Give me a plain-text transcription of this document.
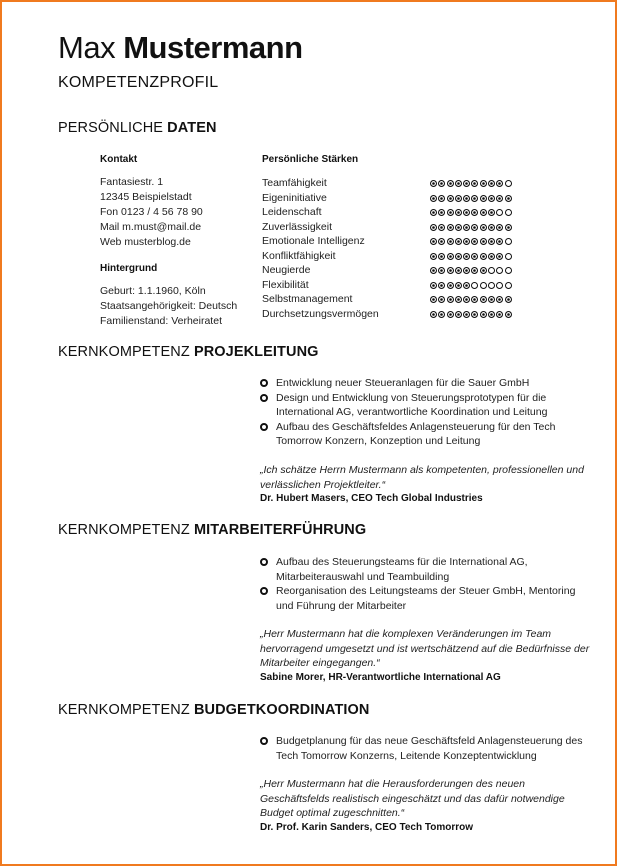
Max Mustermann
KOMPETENZPROFIL
PERSÖNLICHE DATEN
Kontakt
Fantasiestr. 1
12345 Beispielstadt
Fon 0123 / 4 56 78 90
Mail m.must@mail.de
Web musterblog.de
Hintergrund
Geburt: 1.1.1960, Köln
Staatsangehörigkeit: Deutsch
Familienstand: Verheiratet
Persönliche Stärken
Teamfähigkeit
Eigeninitiative
Leidenschaft
Zuverlässigkeit
Emotionale Intelligenz
Konfliktfähigkeit
Neugierde
Flexibilität
Selbstmanagement
Durchsetzungsvermögen
KERNKOMPETENZ PROJEKLEITUNG
Entwicklung neuer Steueranlagen für die Sauer GmbH
Design und Entwicklung von Steuerungsprototypen für die International AG, verantwortliche Koordination und Leitung
Aufbau des Geschäftsfeldes Anlagensteuerung für den Tech Tomorrow Konzern, Konzeption und Leitung
„Ich schätze Herrn Mustermann als kompetenten, professionellen und verlässlichen Projektleiter.“
Dr. Hubert Masers, CEO Tech Global Industries
KERNKOMPETENZ MITARBEITERFÜHRUNG
Aufbau des Steuerungsteams für die International AG, Mitarbeiterauswahl und Teambuilding
Reorganisation des Leitungsteams der Steuer GmbH, Mentoring und Führung der Mitarbeiter
„Herr Mustermann hat die komplexen Veränderungen im Team hervorragend umgesetzt und ist wertschätzend auf die Bedürfnisse der Mitarbeiter eingegangen.“
Sabine Morer, HR-Verantwortliche International AG
KERNKOMPETENZ BUDGETKOORDINATION
Budgetplanung für das neue Geschäftsfeld Anlagensteuerung des Tech Tomorrow Konzerns, Leitende Konzeptentwicklung
„Herr Mustermann hat die Herausforderungen des neuen Geschäftsfelds realistisch eingeschätzt und das dafür notwendige Budget optimal zugeschnitten.“
Dr. Prof. Karin Sanders, CEO Tech Tomorrow
